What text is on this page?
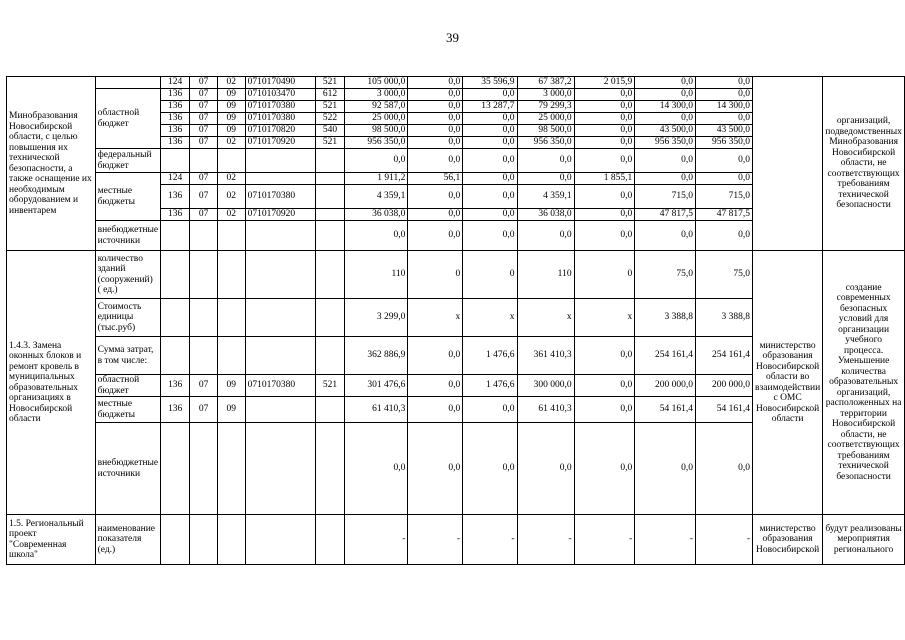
39
Минобразования Новосибирской области, с целью повышения их технической безопасности, а также оснащение их необходимым оборудованием и инвентарем		124	07	02	0710170490	521	105 000,0	0,0	35 596,9	67 387,2	2 015,9	0,0	0,0		организаций, подведомственных Минобразования Новосибирской области, не соответствующих требованиям технической безопасности
	областной бюджет	136	07	09	0710103470	612	3 000,0	0,0	0,0	3 000,0	0,0	0,0	0,0		
		136	07	09	0710170380	521	92 587,0	0,0	13 287,7	79 299,3	0,0	14 300,0	14 300,0		
		136	07	09	0710170380	522	25 000,0	0,0	0,0	25 000,0	0,0	0,0	0,0		
		136	07	09	0710170820	540	98 500,0	0,0	0,0	98 500,0	0,0	43 500,0	43 500,0		
		136	07	02	0710170920	521	956 350,0	0,0	0,0	956 350,0	0,0	956 350,0	956 350,0		
	федеральный бюджет						0,0	0,0	0,0	0,0	0,0	0,0	0,0		
	местные бюджеты	124	07	02			1 911,2	56,1	0,0	0,0	1 855,1	0,0	0,0		
		136	07	02	0710170380		4 359,1	0,0	0,0	4 359,1	0,0	715,0	715,0		
		136	07	02	0710170920		36 038,0	0,0	0,0	36 038,0	0,0	47 817,5	47 817,5		
	внебюджетные источники						0,0	0,0	0,0	0,0	0,0	0,0	0,0		
1.4.3. Замена оконных блоков и ремонт кровель в муниципальных образовательных организациях в Новосибирской области	количество зданий (сооружений) ( ед.)						110	0	0	110	0	75,0	75,0	министерство образования Новосибирской области во взаимодействии с ОМС Новосибирской области	создание современных безопасных условий для организации учебного процесса. Уменьшение количества образовательных организаций, расположенных на территории Новосибирской области, не соответствующих требованиям технической безопасности
	Стоимость единицы (тыс.руб)						3 299,0	x	x	x	x	3 388,8	3 388,8		
	Сумма затрат, в том числе:						362 886,9	0,0	1 476,6	361 410,3	0,0	254 161,4	254 161,4		
	областной бюджет	136	07	09	0710170380	521	301 476,6	0,0	1 476,6	300 000,0	0,0	200 000,0	200 000,0		
	местные бюджеты	136	07	09			61 410,3	0,0	0,0	61 410,3	0,0	54 161,4	54 161,4		
	внебюджетные источники						0,0	0,0	0,0	0,0	0,0	0,0	0,0		
1.5. Региональный проект "Современная школа"	наименование показателя (ед.)						-	-	-	-	-	-	-	министерство образования Новосибирской	будут реализованы мероприятия регионального
